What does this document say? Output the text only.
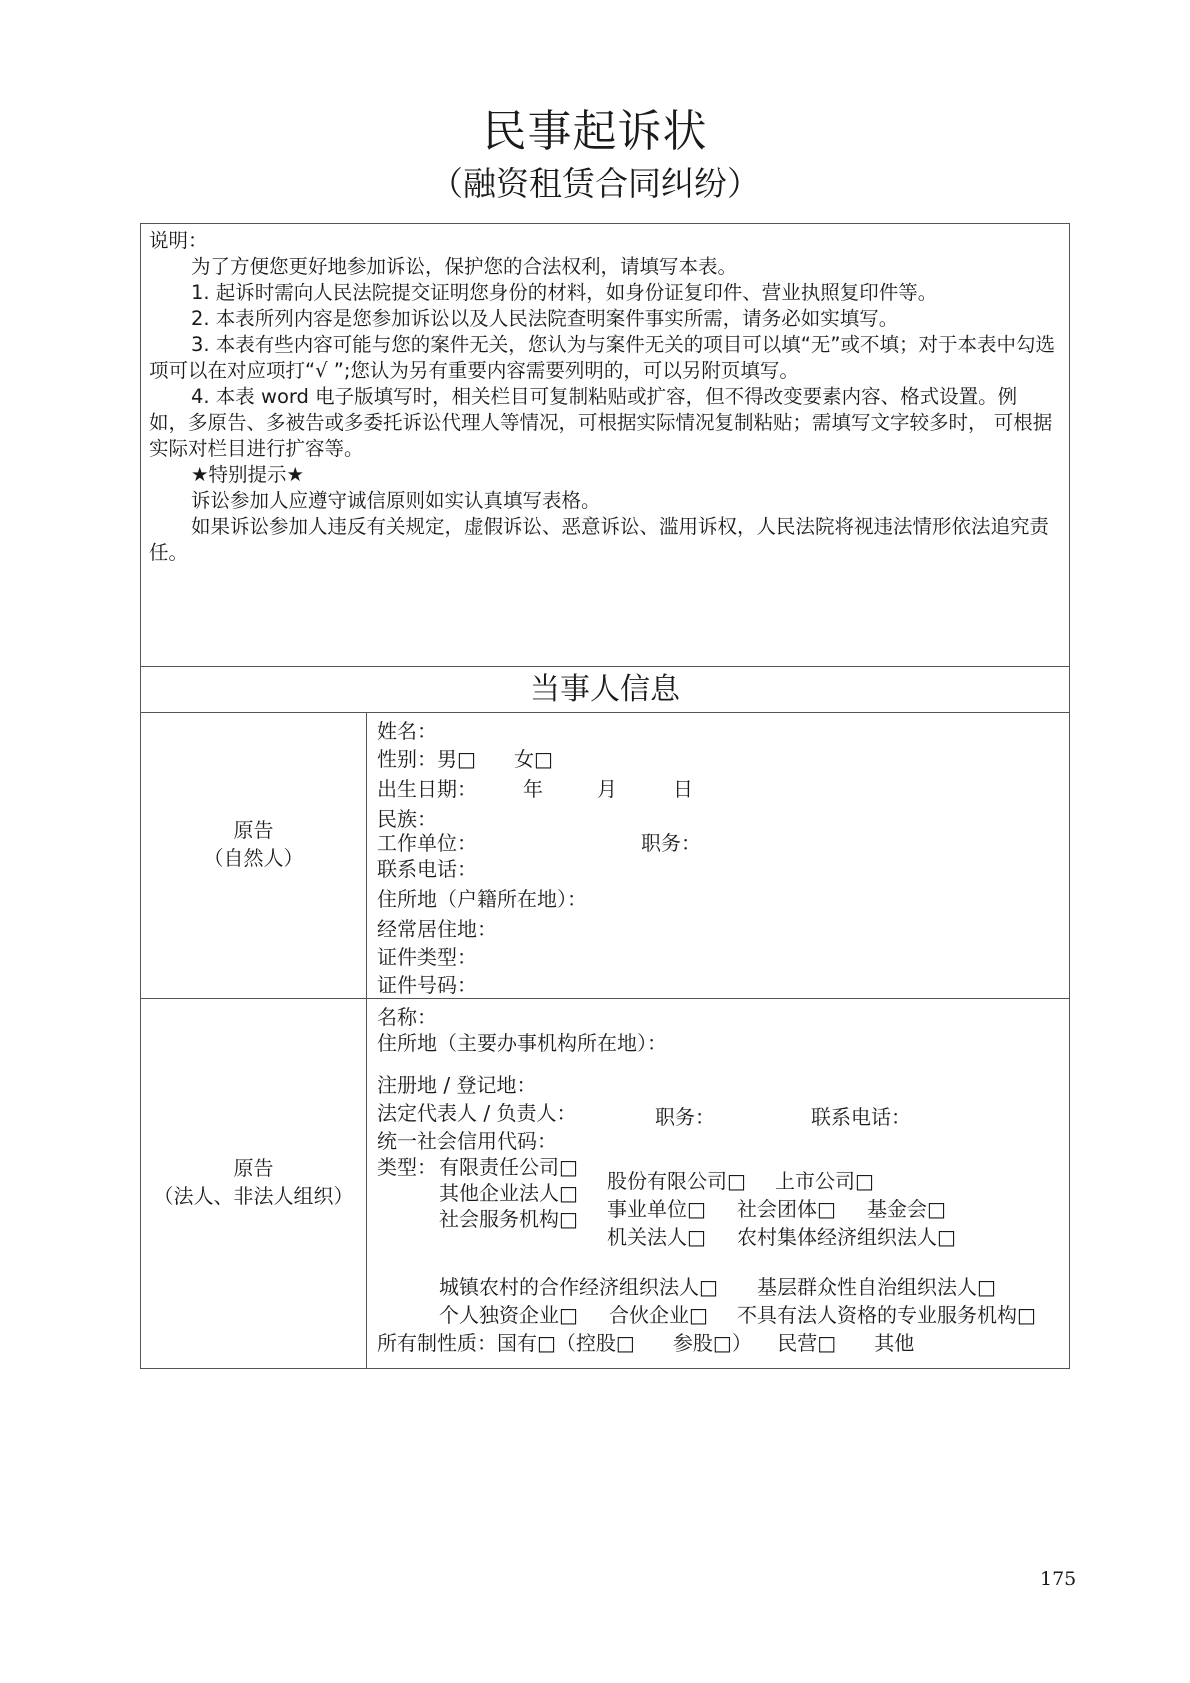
民事起诉状
（融资租赁合同纠纷）

说明：

为了方便您更好地参加诉讼，保护您的合法权利，请填写本表。

1. 起诉时需向人民法院提交证明您身份的材料，如身份证复印件、营业执照复印件等。

2. 本表所列内容是您参加诉讼以及人民法院查明案件事实所需，请务必如实填写。

3. 本表有些内容可能与您的案件无关，您认为与案件无关的项目可以填“无”或不填；对于本表中勾选项可以在对应项打“√ ”;您认为另有重要内容需要列明的，可以另附页填写。

4. 本表 word 电子版填写时，相关栏目可复制粘贴或扩容，但不得改变要素内容、格式设置。例 如，多原告、多被告或多委托诉讼代理人等情况，可根据实际情况复制粘贴；需填写文字较多时， 可根据实际对栏目进行扩容等。

★特别提示★

诉讼参加人应遵守诚信原则如实认真填写表格。

如果诉讼参加人违反有关规定，虚假诉讼、恶意诉讼、滥用诉权，人民法院将视违法情形依法追究责任。

当事人信息
原告
（自然人）
姓名：
性别：男□      女□
出生日期： 年	月	日
民族：
工作单位：	职务：
联系电话：
住所地（户籍所在地）：
经常居住地：
证件类型：
证件号码：
原告
（法人、非法人组织）
名称：
住所地（主要办事机构所在地）：
注册地 / 登记地：
法定代表人 / 负责人：	职务：	联系电话：
统一社会信用代码：
类型： 有限责任公司□
其他企业法人□
社会服务机构□
股份有限公司□ 上市公司□
事业单位□ 社会团体□ 基金会□
机关法人□ 农村集体经济组织法人□
城镇农村的合作经济组织法人□ 基层群众性自治组织法人□
个人独资企业□ 合伙企业□ 不具有法人资格的专业服务机构□
所有制性质：国有□（控股□      参股□）    民营□      其他
175
